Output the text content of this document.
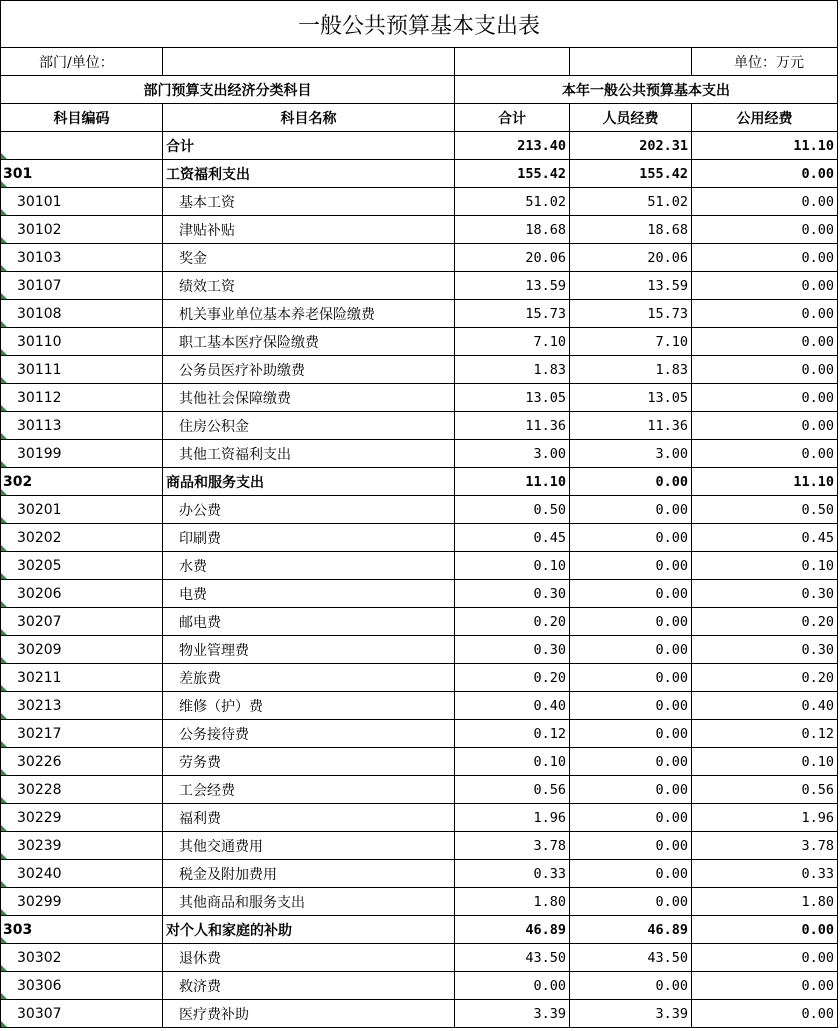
一般公共预算基本支出表				
部门/单位：				单位：万元
部门预算支出经济分类科目		本年一般公共预算基本支出		
科目编码	科目名称	合计	人员经费	公用经费

	合计	213.40	202.31	11.10
301	工资福利支出	155.42	155.42	0.00
30101	基本工资	51.02	51.02	0.00
30102	津贴补贴	18.68	18.68	0.00
30103	奖金	20.06	20.06	0.00
30107	绩效工资	13.59	13.59	0.00
30108	机关事业单位基本养老保险缴费	15.73	15.73	0.00
30110	职工基本医疗保险缴费	7.10	7.10	0.00
30111	公务员医疗补助缴费	1.83	1.83	0.00
30112	其他社会保障缴费	13.05	13.05	0.00
30113	住房公积金	11.36	11.36	0.00
30199	其他工资福利支出	3.00	3.00	0.00
302	商品和服务支出	11.10	0.00	11.10
30201	办公费	0.50	0.00	0.50
30202	印刷费	0.45	0.00	0.45
30205	水费	0.10	0.00	0.10
30206	电费	0.30	0.00	0.30
30207	邮电费	0.20	0.00	0.20
30209	物业管理费	0.30	0.00	0.30
30211	差旅费	0.20	0.00	0.20
30213	维修（护）费	0.40	0.00	0.40
30217	公务接待费	0.12	0.00	0.12
30226	劳务费	0.10	0.00	0.10
30228	工会经费	0.56	0.00	0.56
30229	福利费	1.96	0.00	1.96
30239	其他交通费用	3.78	0.00	3.78
30240	税金及附加费用	0.33	0.00	0.33
30299	其他商品和服务支出	1.80	0.00	1.80
303	对个人和家庭的补助	46.89	46.89	0.00
30302	退休费	43.50	43.50	0.00
30306	救济费	0.00	0.00	0.00
30307	医疗费补助	3.39	3.39	0.00
